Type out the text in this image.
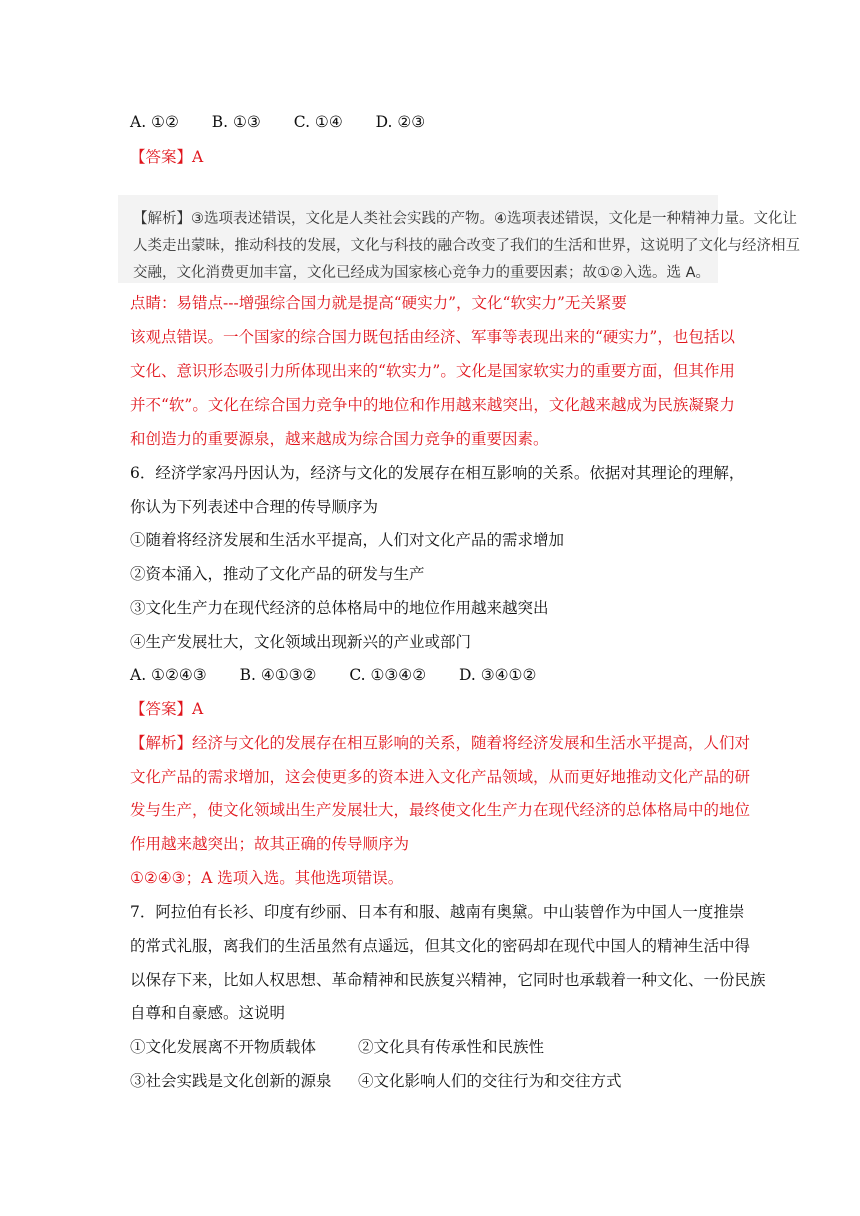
A. ①② B. ①③ C. ①④ D. ②③
【答案】A
【解析】③选项表述错误，文化是人类社会实践的产物。④选项表述错误，文化是一种精神力量。文化让
人类走出蒙昧，推动科技的发展，文化与科技的融合改变了我们的生活和世界，这说明了文化与经济相互
交融，文化消费更加丰富，文化已经成为国家核心竞争力的重要因素；故①②入选。选 A。
点睛：易错点---增强综合国力就是提高“硬实力”，文化“软实力”无关紧要
该观点错误。一个国家的综合国力既包括由经济、军事等表现出来的“硬实力”，也包括以
文化、意识形态吸引力所体现出来的“软实力”。文化是国家软实力的重要方面，但其作用
并不“软”。文化在综合国力竞争中的地位和作用越来越突出，文化越来越成为民族凝聚力
和创造力的重要源泉，越来越成为综合国力竞争的重要因素。
6．经济学家冯丹因认为，经济与文化的发展存在相互影响的关系。依据对其理论的理解，
你认为下列表述中合理的传导顺序为
①随着将经济发展和生活水平提高，人们对文化产品的需求增加
②资本涌入，推动了文化产品的研发与生产
③文化生产力在现代经济的总体格局中的地位作用越来越突出
④生产发展壮大，文化领域出现新兴的产业或部门
A. ①②④③ B. ④①③② C. ①③④② D. ③④①②
【答案】A
【解析】经济与文化的发展存在相互影响的关系，随着将经济发展和生活水平提高，人们对
文化产品的需求增加，这会使更多的资本进入文化产品领域，从而更好地推动文化产品的研
发与生产，使文化领域出生产发展壮大，最终使文化生产力在现代经济的总体格局中的地位
作用越来越突出；故其正确的传导顺序为
①②④③；A 选项入选。其他选项错误。
7．阿拉伯有长衫、印度有纱丽、日本有和服、越南有奥黛。中山装曾作为中国人一度推崇
的常式礼服，离我们的生活虽然有点遥远，但其文化的密码却在现代中国人的精神生活中得
以保存下来，比如人权思想、革命精神和民族复兴精神，它同时也承载着一种文化、一份民族
自尊和自豪感。这说明
①文化发展离不开物质载体	②文化具有传承性和民族性
③社会实践是文化创新的源泉 ④文化影响人们的交往行为和交往方式
